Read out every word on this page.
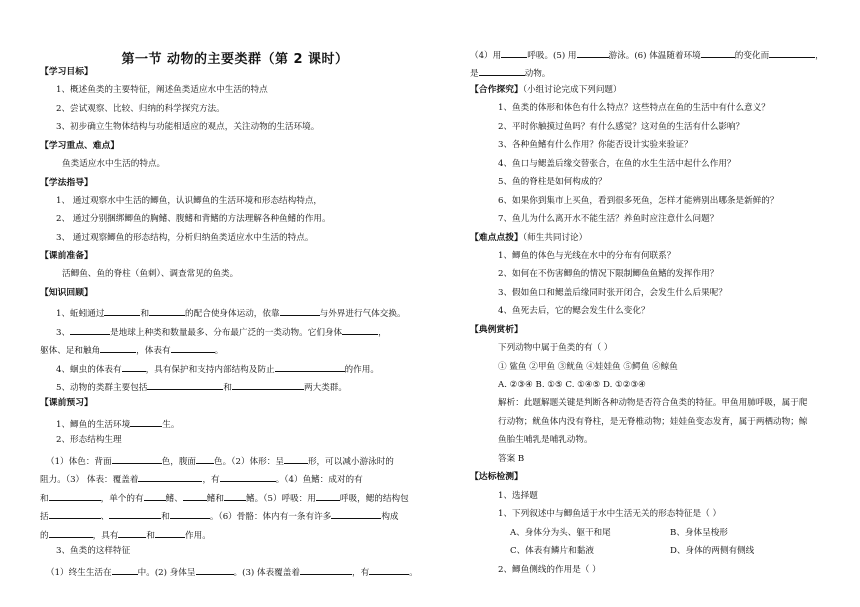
第一节 动物的主要类群（第 2 课时）
【学习目标】
1、概述鱼类的主要特征，阐述鱼类适应水中生活的特点
2、尝试观察、比较、归纳的科学探究方法。
3、初步确立生物体结构与功能相适应的观点，关注动物的生活环境。
【学习重点、难点】
鱼类适应水中生活的特点。
【学法指导】
1、 通过观察水中生活的鲫鱼，认识鲫鱼的生活环境和形态结构特点，
2、 通过分别捆绑鲫鱼的胸鳍、腹鳍和背鳍的方法理解各种鱼鳍的作用。
3、 通过观察鲫鱼的形态结构，分析归纳鱼类适应水中生活的特点。
【课前准备】
活鲫鱼、鱼的脊柱（鱼刺）、调查常见的鱼类。
【知识回顾】
1、蚯蚓通过	和	的配合使身体运动，依靠	与外界进行气体交换。
3、	是地球上种类和数量最多、分布最广泛的一类动物。它们身体	，
躯体、足和触角	，体表有	。
4、蛔虫的体表有	，具有保护和支持内部结构及防止	的作用。
5、动物的类群主要包括	和	两大类群。
【课前预习】
1、鲫鱼的生活环境	生。
2、形态结构生理
（1）体色：背面	色，腹面 色。（2）体形：呈	形，可以减小游泳时的
阻力。（3） 体表：覆盖着	，有	。（4）鱼鳍：成对的有
和	，单个的有	鳍、	鳍和	鳍。（5）呼吸：用	呼吸，鳃的结构包
括	、	和	。（6）骨骼：体内有一条有许多	构成
的	，具有	和	作用。
3、鱼类的这样特征
（1）终生生活在	中。(2) 身体呈	。(3) 体表覆盖着	，有	。
（4）用	呼吸。(5) 用	游泳。(6) 体温随着环境	的变化而	，
是	动物。
【合作探究】（小组讨论完成下列问题）
1、鱼类的体形和体色有什么特点？这些特点在鱼的生活中有什么意义？
2、平时你触摸过鱼吗？有什么感觉？这对鱼的生活有什么影响？
3、各种鱼鳍有什么作用？你能否设计实验来验证？
4、鱼口与鳃盖后缘交替张合，在鱼的水生生活中起什么作用？
5、鱼的脊柱是如何构成的？
6、如果你到集市上买鱼，看到很多死鱼，怎样才能辨别出哪条是新鲜的？
7、鱼儿为什么离开水不能生活？养鱼时应注意什么问题？
【难点点拨】（师生共同讨论）
1、鲫鱼的体色与光线在水中的分布有何联系？
2、如何在不伤害鲫鱼的情况下限制鲫鱼鱼鳍的发挥作用？
3、假如鱼口和鳃盖后缘同时张开闭合，会发生什么后果呢？
4、鱼死去后，它的鳃会发生什么变化？
【典例赏析】
下列动物中属于鱼类的有（ ）
① 鲨鱼 ②甲鱼 ③鱿鱼 ④娃娃鱼 ⑤鳄鱼 ⑥鲸鱼
A. ②③④ B. ①⑤ C. ①④⑤ D. ①②③④
解析：此题解题关键是判断各种动物是否符合鱼类的特征。甲鱼用肺呼吸，属于爬
行动物；鱿鱼体内没有脊柱，是无脊椎动物；娃娃鱼变态发育，属于两栖动物；鲸
鱼胎生哺乳是哺乳动物。
答案 B
【达标检测】
1、选择题
1、下列叙述中与鲫鱼适于水中生活无关的形态特征是（ ）
A、身体分为头、躯干和尾	B、身体呈梭形
C、体表有鳞片和黏液	D、身体的两侧有侧线
2、鲫鱼侧线的作用是（ ）
